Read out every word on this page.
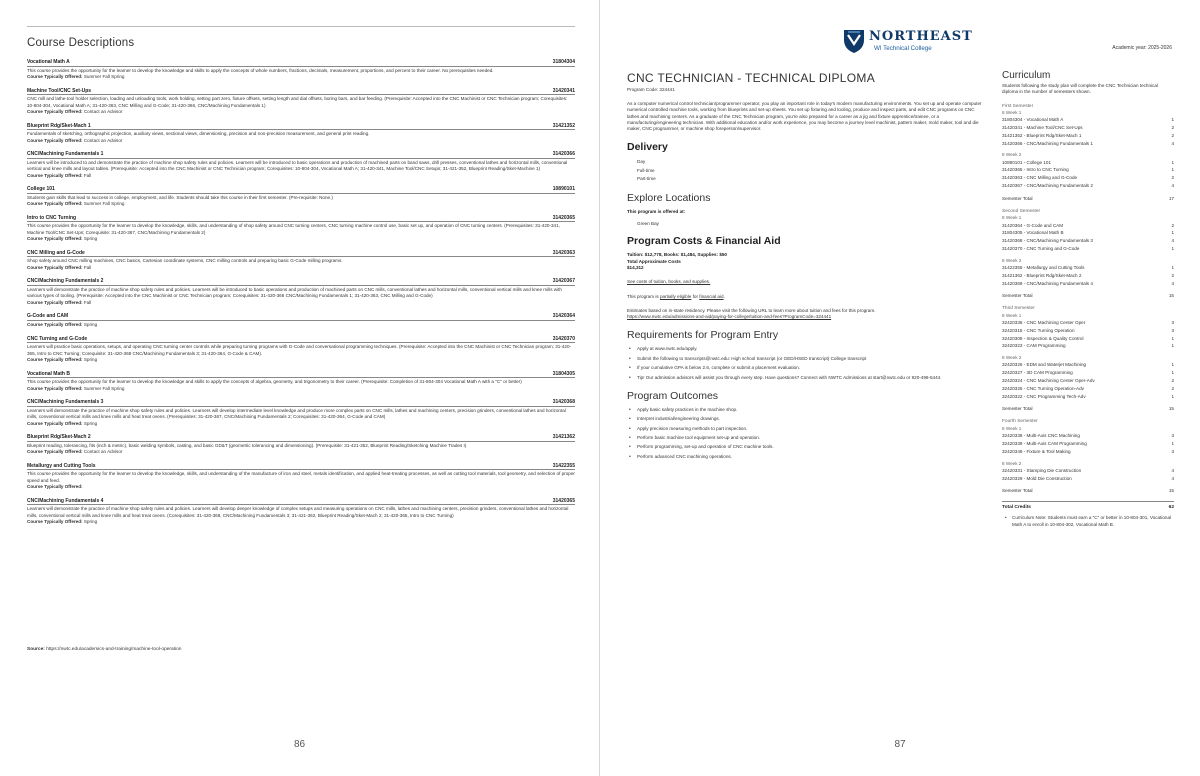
Course Descriptions
Vocational Math A	31804304
This course provides the opportunity for the learner to develop the knowledge and skills to apply the concepts of whole numbers, fractions, decimals, measurement, proportions, and percent to their career. No prerequisites needed.
Course Typically Offered: Summer Fall Spring
Machine Tool/CNC Set-Ups	31420341
CNC mill and lathe-tool holder selection, loading and unloading tools, work holding, setting part zero, fixture offsets, setting length and dial offsets, boring bars, and bar feeding. (Prerequisite: Accepted into the CNC Machinist or CNC Technician program; Corequisites: 10-804-304, Vocational Math A; 31-420-363, CNC Milling and G-Code; 31-420-366, CNC/Machining Fundamentals 1)
Course Typically Offered: Contact an Advisor
Blueprint Rdg/Sket-Mach 1	31421352
Fundamentals of sketching, orthographic projection, auxiliary views, sectional views, dimensioning, precision and non-precision measurement, and general print reading.
Course Typically Offered: Contact an Advisor
CNC/Machining Fundamentals 1	31420366
Learners will be introduced to and demonstrate the practice of machine shop safety rules and policies. Learners will be introduced to basic operations and production of machined parts on band saws, drill presses, conventional lathes and horizontal mills, conventional vertical and knee mills and layout tables. (Prerequisite: Accepted into the CNC Machinist or CNC Technician program; Corequisites: 10-804-304, Vocational Math A; 31-420-341, Machine Tool/CNC Setups; 31-421-352, Blueprint Reading/Sket-Machine 1)
Course Typically Offered: Fall
College 101	10890101
Students gain skills that lead to success in college, employment, and life. Students should take this course in their first semester. (Pre-requisite: None.)
Course Typically Offered: Summer Fall Spring
Intro to CNC Turning	31420365
This course provides the opportunity for the learner to develop the knowledge, skills, and understanding of shop safety around CNC turning centers, CNC turning machine control use, basic set up, and operation of CNC turning centers. (Prerequisites: 31-420-341, Machine Tool/CNC Set-Ups; Corequisite: 31-420-367, CNC/Machining Fundamentals 2)
Course Typically Offered: Spring
CNC Milling and G-Code	31420363
Shop safety around CNC milling machines, CNC basics, Cartesian coordinate systems, CNC milling controls and preparing basic G-Code milling programs.
Course Typically Offered: Fall
CNC/Machining Fundamentals 2	31420367
Learners will demonstrate the practice of machine shop safety rules and policies. Learners will be introduced to basic operations and production of machined parts on CNC mills, conventional lathes and horizontal mills, conventional vertical mills and knee mills with various types of tooling. (Prerequisite: Accepted into the CNC Machinist or CNC Technician program; Corequisites: 31-420-366 CNC/Machining Fundamentals 1; 31-420-363, CNC Milling and G-Code)
Course Typically Offered: Fall
G-Code and CAM	31420364
Course Typically Offered: Spring
CNC Turning and G-Code	31420370
Learners will practice basic operations, setups, and operating CNC turning center controls while preparing turning programs with G-Code and conversational programming techniques. (Prerequisite: Accepted into the CNC Machinist or CNC Technician program; 31-420-365, Intro to CNC Turning; Corequisite: 31-420-368 CNC/Machining Fundamentals 3; 31-420-364, G-Code & CAM).
Course Typically Offered: Spring
Vocational Math B	31804305
This course provides the opportunity for the learner to develop the knowledge and skills to apply the concepts of algebra, geometry, and trigonometry to their career. (Prerequisite: Completion of 31-804-304 Vocational Math A with a "C" or better)
Course Typically Offered: Summer Fall Spring
CNC/Machining Fundamentals 3	31420368
Learners will demonstrate the practice of machine shop safety rules and policies. Learners will develop intermediate level knowledge and produce more complex parts on CNC mills, lathes and machining centers, precision grinders, conventional lathes and horizontal mills, conventional vertical mills and knee mills and heat treat ovens. (Prerequisites: 31-420-367, CNC/Machining Fundamentals 2; Corequisites: 31-420-364, G-Code and CAM)
Course Typically Offered: Spring
Blueprint Rdg/Sket-Mach 2	31421362
Blueprint reading, tolerancing, fits (inch & metric), basic welding symbols, casting, and basic GD&T (geometric tolerancing and dimensioning). (Prerequisite: 31-421-352, Blueprint Reading/Sketching Machine Trades I)
Course Typically Offered: Contact an Advisor
Metallurgy and Cutting Tools	31422355
This course provides the opportunity for the learner to develop the knowledge, skills, and understanding of the manufacture of iron and steel, metals identification, and applied heat-treating processes, as well as cutting tool materials, tool geometry, and selection of proper speed and feed.
Course Typically Offered:
CNC/Machining Fundamentals 4	31420365
Learners will demonstrate the practice of machine shop safety rules and policies. Learners will develop deeper knowledge of complex setups and measuring operations on CNC mills, lathes and machining centers, precision grinders, conventional lathes and horizontal mills, conventional vertical mills and knee mills and heat treat ovens. (Corequisites: 31-420-368, CNC/Machining Fundamentals 3; 31-421-362, Blueprint Reading/Sket-Mach 2; 31-420-365, Intro to CNC Turning)
Course Typically Offered: Spring
Source: https://nwtc.edu/academics-and-training/machine-tool-operation
86
NORTHEAST
WI Technical College	Academic year: 2025-2026
CNC TECHNICIAN - TECHNICAL DIPLOMA
Program Code: 324441
As a computer numerical control technician/programmer operator, you play an important role in today's modern manufacturing environments. You set up and operate computer numerical controlled machine tools, working from blueprints and set-up sheets. You set up fixturing and tooling, produce and inspect parts, and edit CNC programs on CNC lathes and machining centers. As a graduate of the CNC Technician program, you're also prepared for a career as a jig and fixture apprentice/trainee, or a manufacturing/engineering technician. With additional education and/or work experience, you may become a journey level machinist, pattern maker, mold maker, tool and die maker, CNC programmer, or machine shop foreperson/supervisor.
Delivery
Day
Full-time
Part-time
Explore Locations
This program is offered at:
Green Bay
Program Costs & Financial Aid
Tuition: $12,778, Books: $1,484, Supplies: $50
Total Approximate Costs
$14,312
See costs of tuition, books, and supplies.
This program is partially eligible for financial aid.
Estimates based on in-state residency. Please visit the following URL to learn more about tuition and fees for this program.
https://www.nwtc.edu/admissions-and-aid/paying-for-college/tuition-and-fees?ProgramCode=324441
Requirements for Program Entry
• Apply at www.nwtc.edu/apply.
• Submit the following to transcripts@nwtc.edu: High school transcript (or GED/HSED transcript) College transcript
• If your cumulative GPA is below 2.6, complete or submit a placement evaluation.
• Tip! Our admission advisors will assist you through every step. Have questions? Connect with NWTC Admissions at start@nwtc.edu or 920-498-5444.
Program Outcomes
• Apply basic safety practices in the machine shop.
• Interpret industrial/engineering drawings.
• Apply precision measuring methods to part inspection.
• Perform basic machine tool equipment set-up and operation.
• Perform programming, set-up and operation of CNC machine tools.
• Perform advanced CNC machining operations.
Curriculum
Students following the study plan will complete the CNC Technician technical diploma in the number of semesters shown.
First Semester
8 Week 1
31804304 - Vocational Math A	1
31420341 - Machine Tool/CNC Set-Ups	2
31421352 - Blueprint Rdg/Sket-Mach 1	2
31420366 - CNC/Machining Fundamentals 1	4
8 Week 2
10890101 - College 101	1
31420365 - Intro to CNC Turning	1
31420363 - CNC Milling and G-Code	2
31420367 - CNC/Machining Fundamentals 2	4
Semester Total	17
Second Semester
8 Week 1
31420364 - G-Code and CAM	2
31804305 - Vocational Math B	1
31420368 - CNC/Machining Fundamentals 3	4
31420370 - CNC Turning and G-Code	1
8 Week 2
31422355 - Metallurgy and Cutting Tools	1
31421362 - Blueprint Rdg/Sket-Mach 2	2
31420369 - CNC/Machining Fundamentals 4	4
Semester Total	15
Third Semester
8 Week 1
32420336 - CNC Machining Center Oper	3
32420315 - CNC Turning Operation	3
32420308 - Inspection & Quality Control	1
32420323 - CAM Programming	1
8 Week 2
32420326 - EDM and Waterjet Machining	1
32420327 - 3D CAM Programming	1
32420324 - CNC Machining Center Oper-Adv	2
32420325 - CNC Turning Operation-Adv	2
32420322 - CNC Programming Tech-Adv	1
Semester Total	15
Fourth Semester
8 Week 1
32420338 - Multi-Axis CNC Machining	3
32420339 - Multi-Axis CAM Programming	1
32420349 - Fixture & Tool Making	3
8 Week 2
32420331 - Stamping Die Construction	4
32420329 - Mold Die Construction	4
Semester Total	15
Total Credits	62
• Curriculum Note: Students must earn a "C" or better in 10-804-301, Vocational Math A to enroll in 10-804-302, Vocational Math B.
87
